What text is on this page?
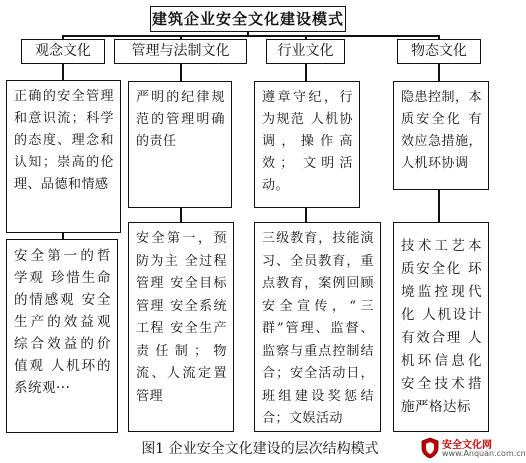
建筑企业安全文化建设模式
观念文化	管理与法制文化	行业文化	物态文化
正确的安全管理和意识流；科学的态度、理念和认知；崇高的伦理、品德和情感
严明的纪律规范的管理明确的责任
遵章守纪，行为规范 人机协调，操作高效； 文明活动。
隐患控制，本质安全化 有效应急措施，人机环协调
安全第一的哲学观 珍惜生命的情感观 安全生产的效益观 综合效益的价值观 人机环的系统观···
安全第一，预防为主 全过程管理 安全目标管理 安全系统工程 安全生产责任制；物流、人流定置管理
三级教育，技能演习、全员教育，重点教育，案例回顾 安全宣传，“三群”管理、监督、监察与重点控制结合；安全活动日，班组建设奖惩结合；文娱活动
技术工艺本质安全化 环境监控现代化 人机设计有效合理 人机环信息化 安全技术措施严格达标
图1 企业安全文化建设的层次结构模式	安全文化网
www.Anquan.com.cn
